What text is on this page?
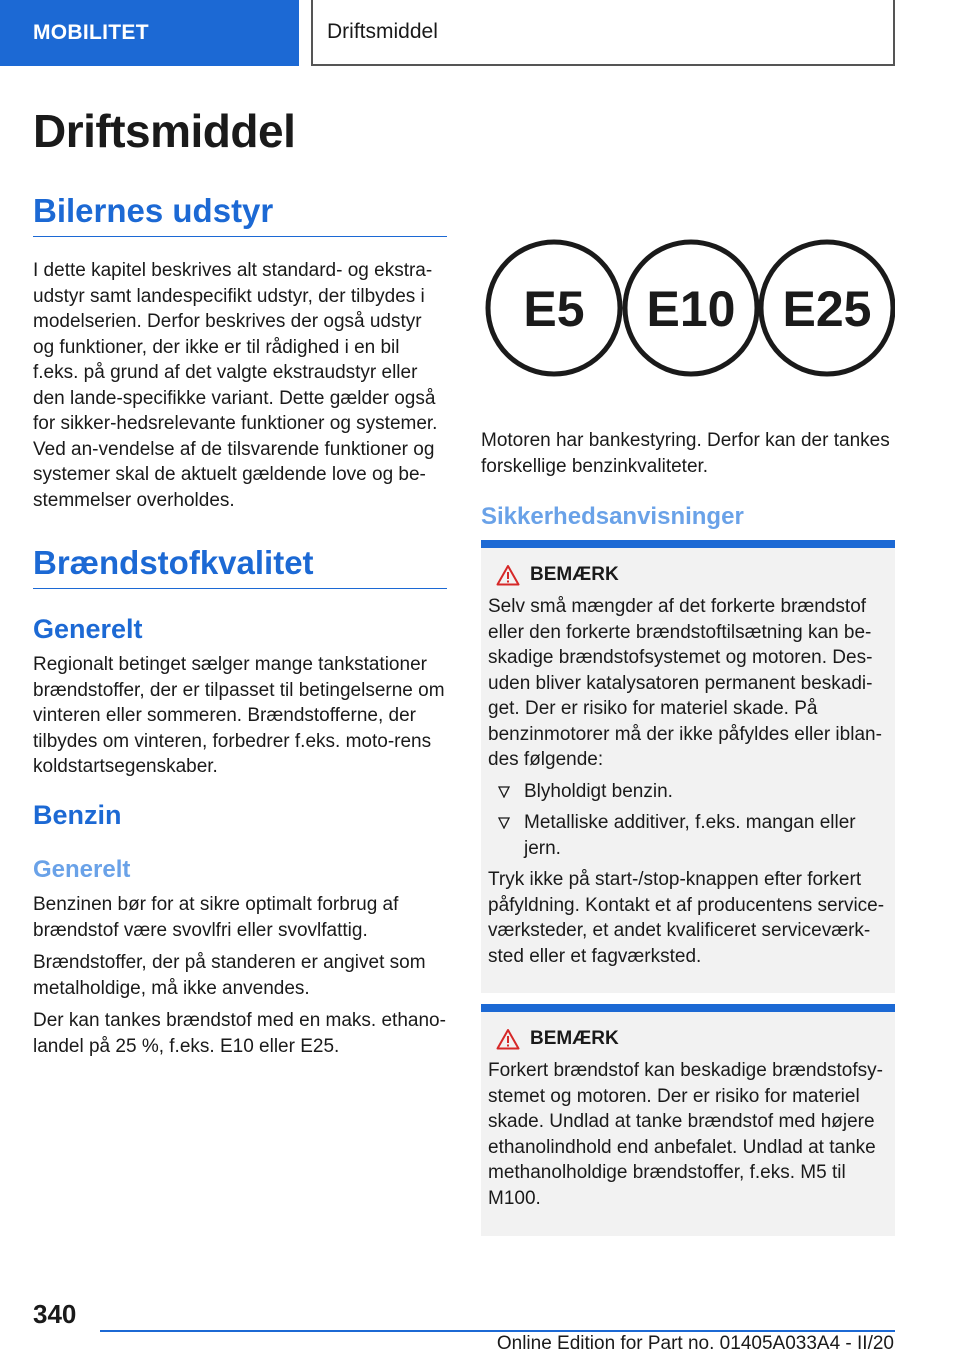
MOBILITET	Driftsmiddel
Driftsmiddel
Bilernes udstyr

I dette kapitel beskrives alt standard- og ekstra-udstyr samt landespecifikt udstyr, der tilbydes i modelserien. Derfor beskrives der også udstyr og funktioner, der ikke er til rådighed i en bil f.eks. på grund af det valgte ekstraudstyr eller den lande-specifikke variant. Dette gælder også for sikker-hedsrelevante funktioner og systemer. Ved an-vendelse af de tilsvarende funktioner og systemer skal de aktuelt gældende love og be-stemmelser overholdes.

Brændstofkvalitet
Generelt

Regionalt betinget sælger mange tankstationer brændstoffer, der er tilpasset til betingelserne om vinteren eller sommeren. Brændstofferne, der tilbydes om vinteren, forbedrer f.eks. moto-rens koldstartsegenskaber.

Benzin
Generelt

Benzinen bør for at sikre optimalt forbrug af brændstof være svovlfri eller svovlfattig.

Brændstoffer, der på standeren er angivet som metalholdige, må ikke anvendes.

Der kan tankes brændstof med en maks. ethano-landel på 25 %, f.eks. E10 eller E25.

E5 E10 E25

Motoren har bankestyring. Derfor kan der tankes forskellige benzinkvaliteter.

Sikkerhedsanvisninger
BEMÆRK

Selv små mængder af det forkerte brændstof eller den forkerte brændstoftilsætning kan be-skadige brændstofsystemet og motoren. Des-uden bliver katalysatoren permanent beskadi-get. Der er risiko for materiel skade. På benzinmotorer må der ikke påfyldes eller iblan-des følgende:

Blyholdigt benzin.
Metalliske additiver, f.eks. mangan eller jern.

Tryk ikke på start-/stop-knappen efter forkert påfyldning. Kontakt et af producentens service-værksteder, et andet kvalificeret serviceværk-sted eller et fagværksted.

BEMÆRK

Forkert brændstof kan beskadige brændstofsy-stemet og motoren. Der er risiko for materiel skade. Undlad at tanke brændstof med højere ethanolindhold end anbefalet. Undlad at tanke methanolholdige brændstoffer, f.eks. M5 til M100.

340
Online Edition for Part no. 01405A033A4 - II/20
